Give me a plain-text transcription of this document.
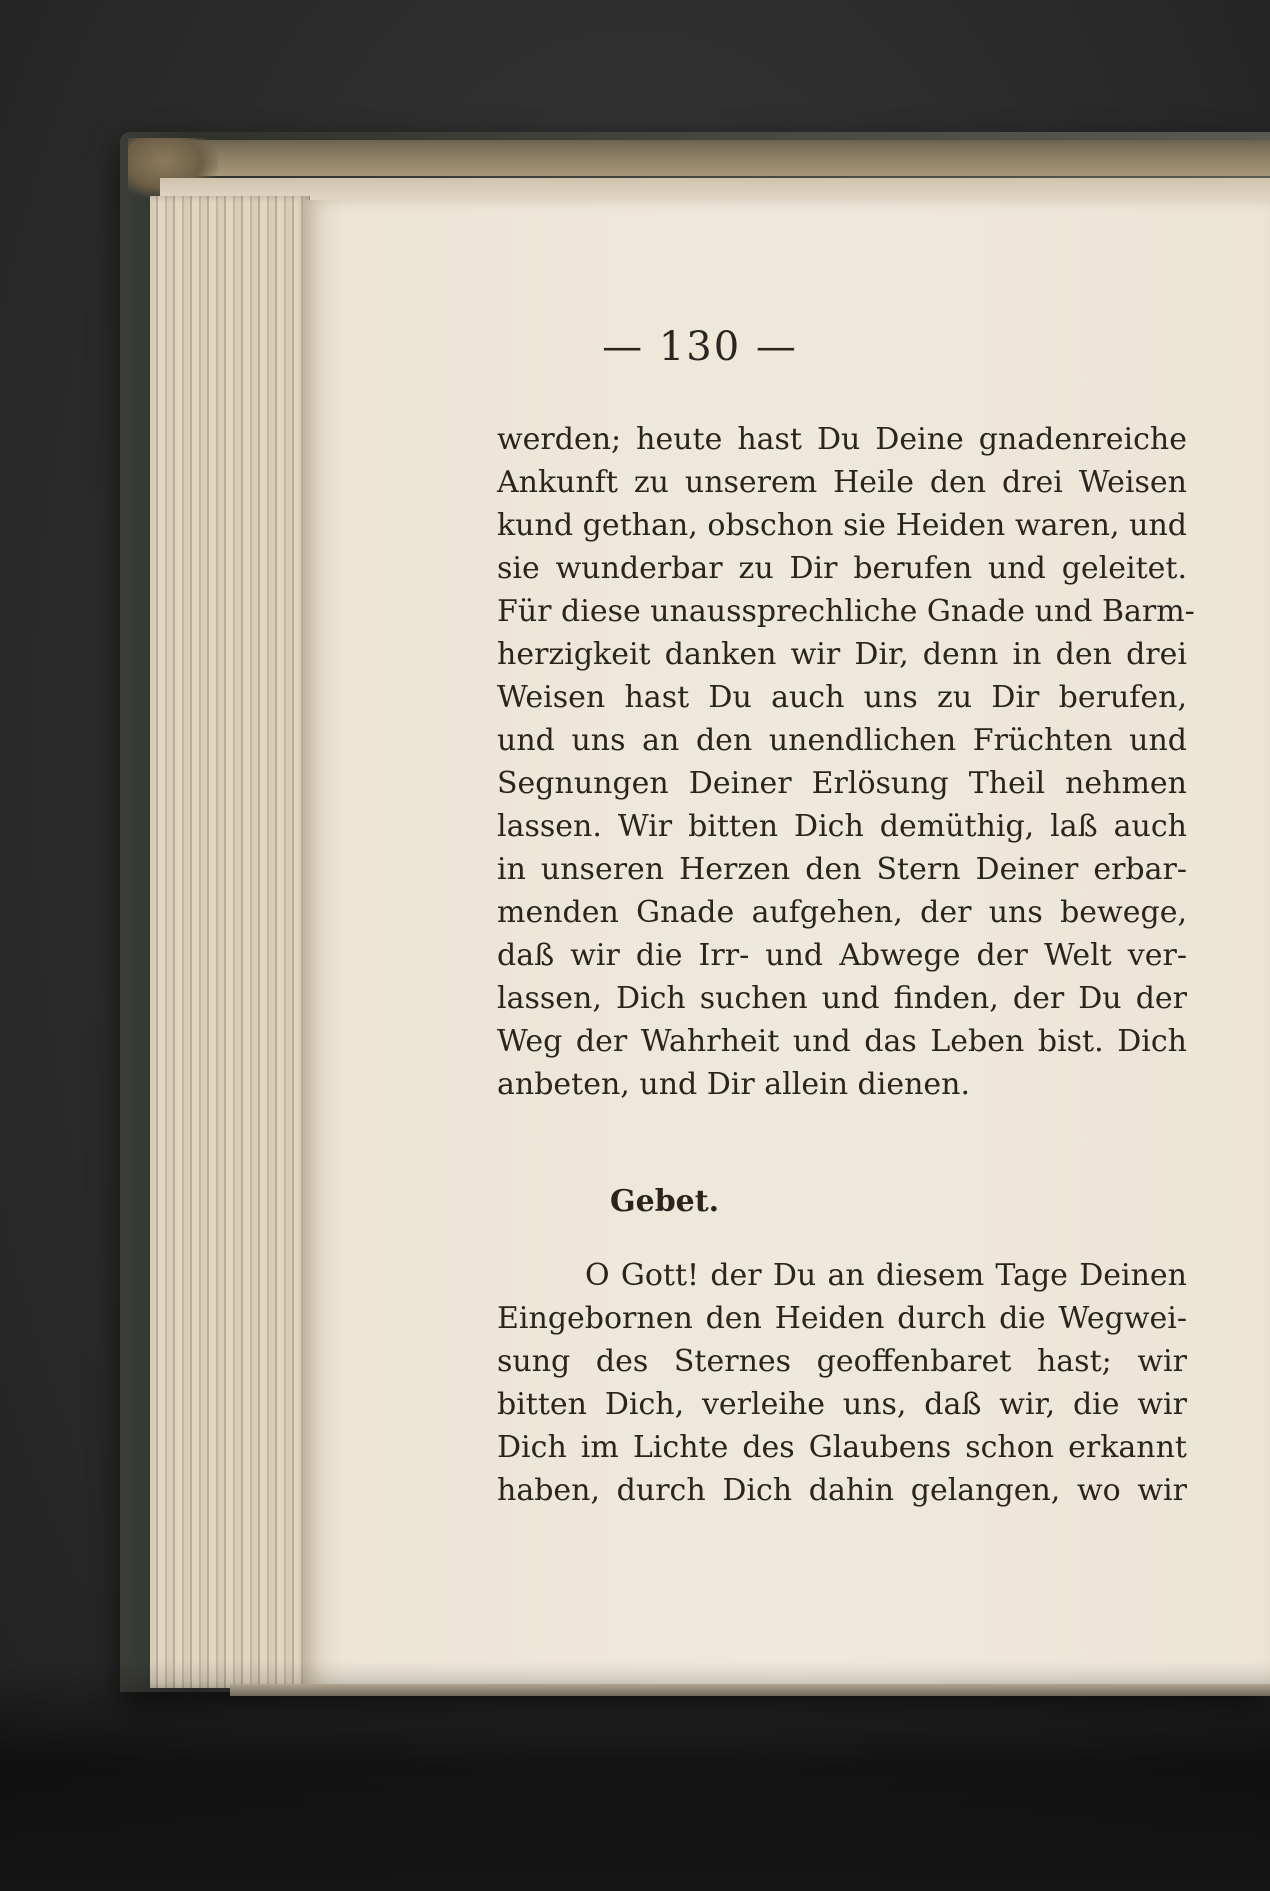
— 130 —
werden; heute hast Du Deine gnadenreiche
Ankunft zu unserem Heile den drei Weisen
kund gethan, obschon sie Heiden waren, und
sie wunderbar zu Dir berufen und geleitet.
Für diese unaussprechliche Gnade und Barm-
herzigkeit danken wir Dir, denn in den drei
Weisen hast Du auch uns zu Dir berufen,
und uns an den unendlichen Früchten und
Segnungen Deiner Erlösung Theil nehmen
lassen. Wir bitten Dich demüthig, laß auch
in unseren Herzen den Stern Deiner erbar-
menden Gnade aufgehen, der uns bewege,
daß wir die Irr- und Abwege der Welt ver-
lassen, Dich suchen und finden, der Du der
Weg der Wahrheit und das Leben bist. Dich
anbeten, und Dir allein dienen.
Gebet.
O Gott! der Du an diesem Tage Deinen
Eingebornen den Heiden durch die Wegwei-
sung des Sternes geoffenbaret hast; wir
bitten Dich, verleihe uns, daß wir, die wir
Dich im Lichte des Glaubens schon erkannt
haben, durch Dich dahin gelangen, wo wir
